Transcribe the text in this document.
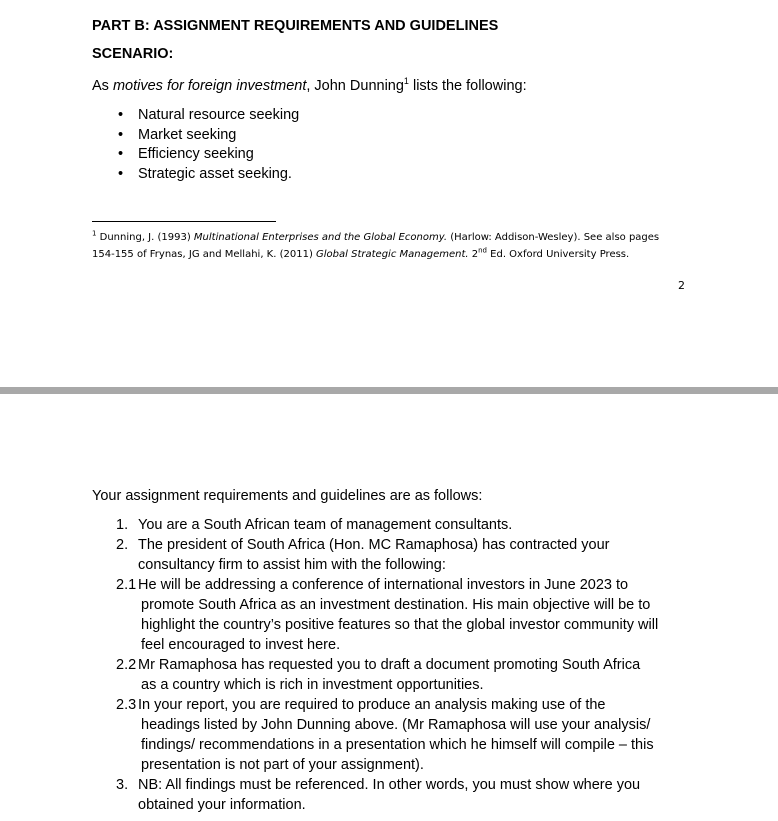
PART B: ASSIGNMENT REQUIREMENTS AND GUIDELINES
SCENARIO:
As motives for foreign investment, John Dunning$^1$ lists the following:
• Natural resource seeking
• Market seeking
• Efficiency seeking
• Strategic asset seeking.
$^1$ Dunning, J. (1993) Multinational Enterprises and the Global Economy. (Harlow: Addison-Wesley). See also pages
154-155 of Frynas, JG and Mellahi, K. (2011) Global Strategic Management. 2nd Ed. Oxford University Press.
2
Your assignment requirements and guidelines are as follows:
1. You are a South African team of management consultants.
2. The president of South Africa (Hon. MC Ramaphosa) has contracted your
consultancy firm to assist him with the following:
2.1 He will be addressing a conference of international investors in June 2023 to
promote South Africa as an investment destination. His main objective will be to
highlight the country’s positive features so that the global investor community will
feel encouraged to invest here.
2.2 Mr Ramaphosa has requested you to draft a document promoting South Africa
as a country which is rich in investment opportunities.
2.3 In your report, you are required to produce an analysis making use of the
headings listed by John Dunning above. (Mr Ramaphosa will use your analysis/
findings/ recommendations in a presentation which he himself will compile – this
presentation is not part of your assignment).
3. NB: All findings must be referenced. In other words, you must show where you
obtained your information.
